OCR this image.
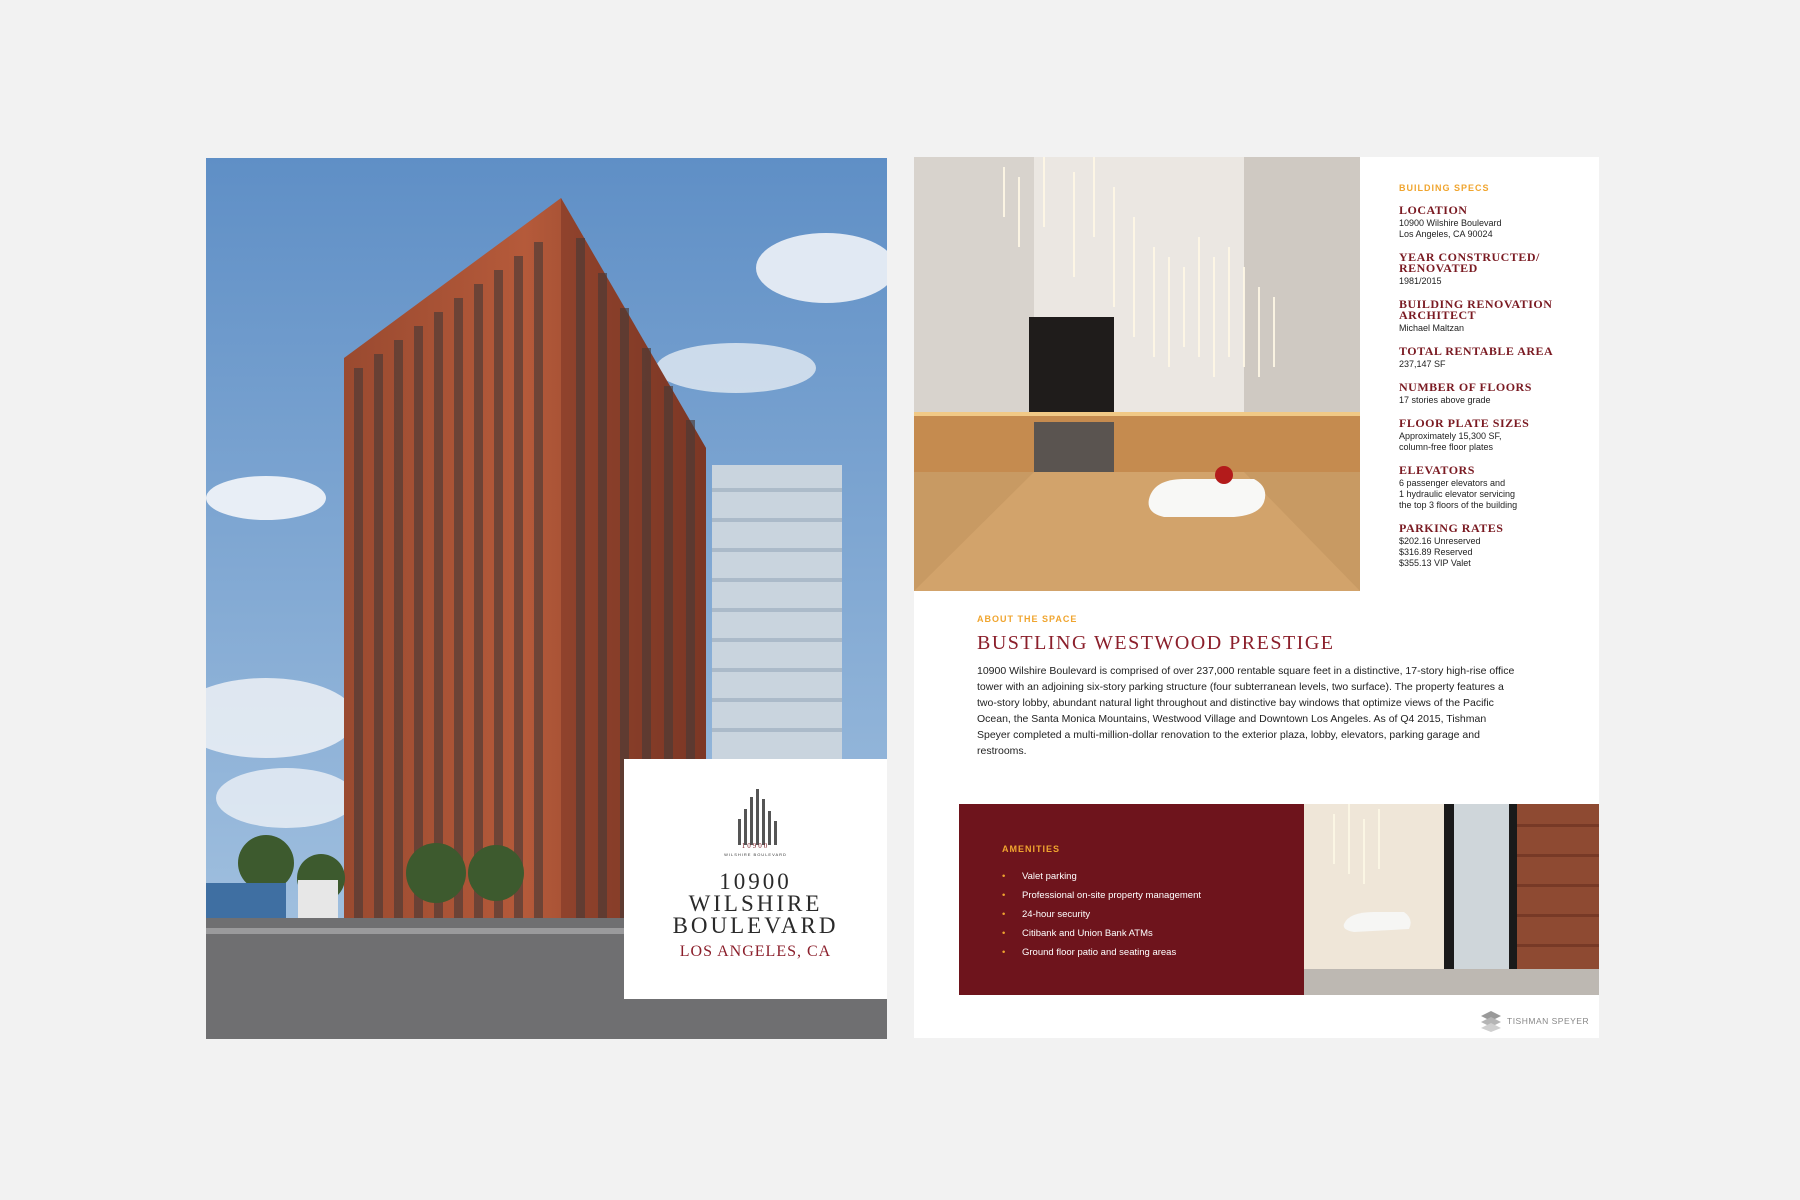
10900
WILSHIRE BOULEVARD
10900
WILSHIRE
BOULEVARD
LOS ANGELES, CA

BUILDING SPECS

LOCATION

10900 Wilshire Boulevard
Los Angeles, CA 90024

YEAR CONSTRUCTED/
RENOVATED

1981/2015

BUILDING RENOVATION
ARCHITECT

Michael Maltzan

TOTAL RENTABLE AREA

237,147 SF

NUMBER OF FLOORS

17 stories above grade

FLOOR PLATE SIZES

Approximately 15,300 SF,
column-free floor plates

ELEVATORS

6 passenger elevators and
1 hydraulic elevator servicing
the top 3 floors of the building

PARKING RATES

$202.16 Unreserved
$316.89 Reserved
$355.13 VIP Valet

ABOUT THE SPACE

BUSTLING WESTWOOD PRESTIGE

10900 Wilshire Boulevard is comprised of over 237,000 rentable square feet in a distinctive, 17-story high-rise office tower with an adjoining six-story parking structure (four subterranean levels, two surface). The property features a two-story lobby, abundant natural light throughout and distinctive bay windows that optimize views of the Pacific Ocean, the Santa Monica Mountains, Westwood Village and Downtown Los Angeles. As of Q4 2015, Tishman Speyer completed a multi-million-dollar renovation to the exterior plaza, lobby, elevators, parking garage and restrooms.

AMENITIES

• Valet parking
• Professional on-site property management
• 24-hour security
• Citibank and Union Bank ATMs
• Ground floor patio and seating areas
TISHMAN SPEYER
